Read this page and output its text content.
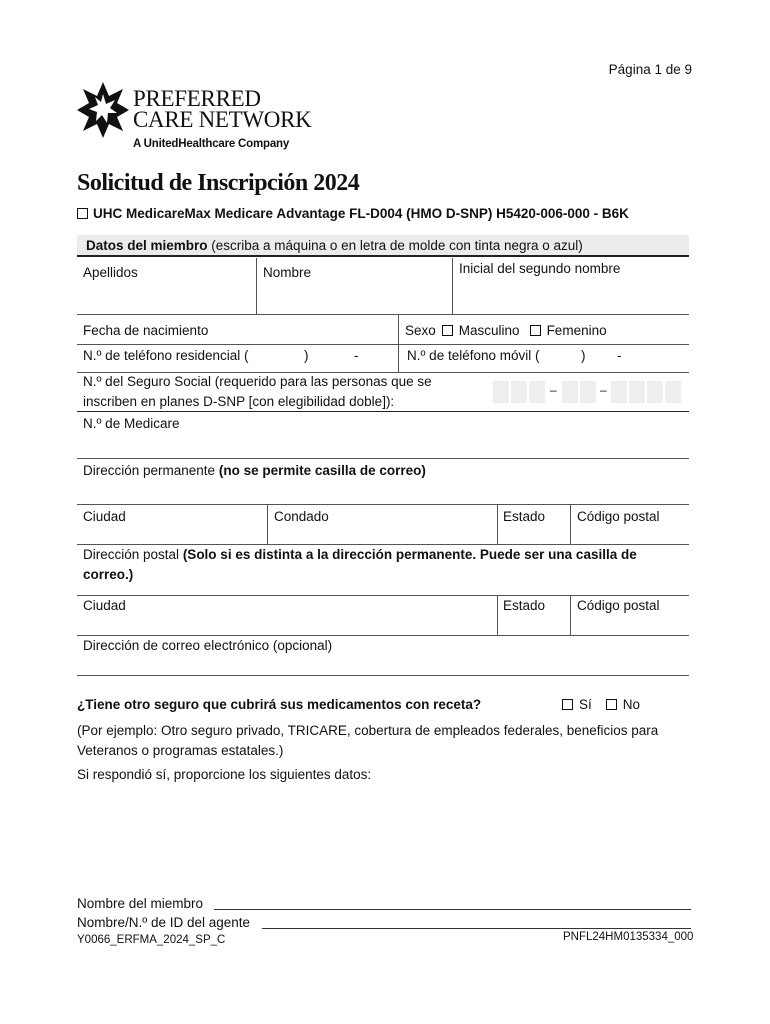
Página 1 de 9
PREFERRED
CARE NETWORK
A UnitedHealthcare Company
Solicitud de Inscripción 2024
UHC MedicareMax Medicare Advantage FL-D004 (HMO D-SNP) H5420-006-000 - B6K
Datos del miembro (escriba a máquina o en letra de molde con tinta negra o azul)
Apellidos	Nombre	Inicial del segundo nombre
Fecha de nacimiento	Sexo Masculino Femenino
N.º de teléfono residencial (	)	-	N.º de teléfono móvil (	) -
N.º del Seguro Social (requerido para las personas que se inscriben en planes D-SNP [con elegibilidad doble]):
–	–
N.º de Medicare
Dirección permanente (no se permite casilla de correo)
Ciudad	Condado	Estado Código postal
Dirección postal (Solo si es distinta a la dirección permanente. Puede ser una casilla de correo.)
Ciudad	Estado Código postal
Dirección de correo electrónico (opcional)
¿Tiene otro seguro que cubrirá sus medicamentos con receta?	Sí No
(Por ejemplo: Otro seguro privado, TRICARE, cobertura de empleados federales, beneficios para Veteranos o programas estatales.)
Si respondió sí, proporcione los siguientes datos:
Nombre del miembro
Nombre/N.º de ID del agente
Y0066_ERFMA_2024_SP_C	PNFL24HM0135334_000
